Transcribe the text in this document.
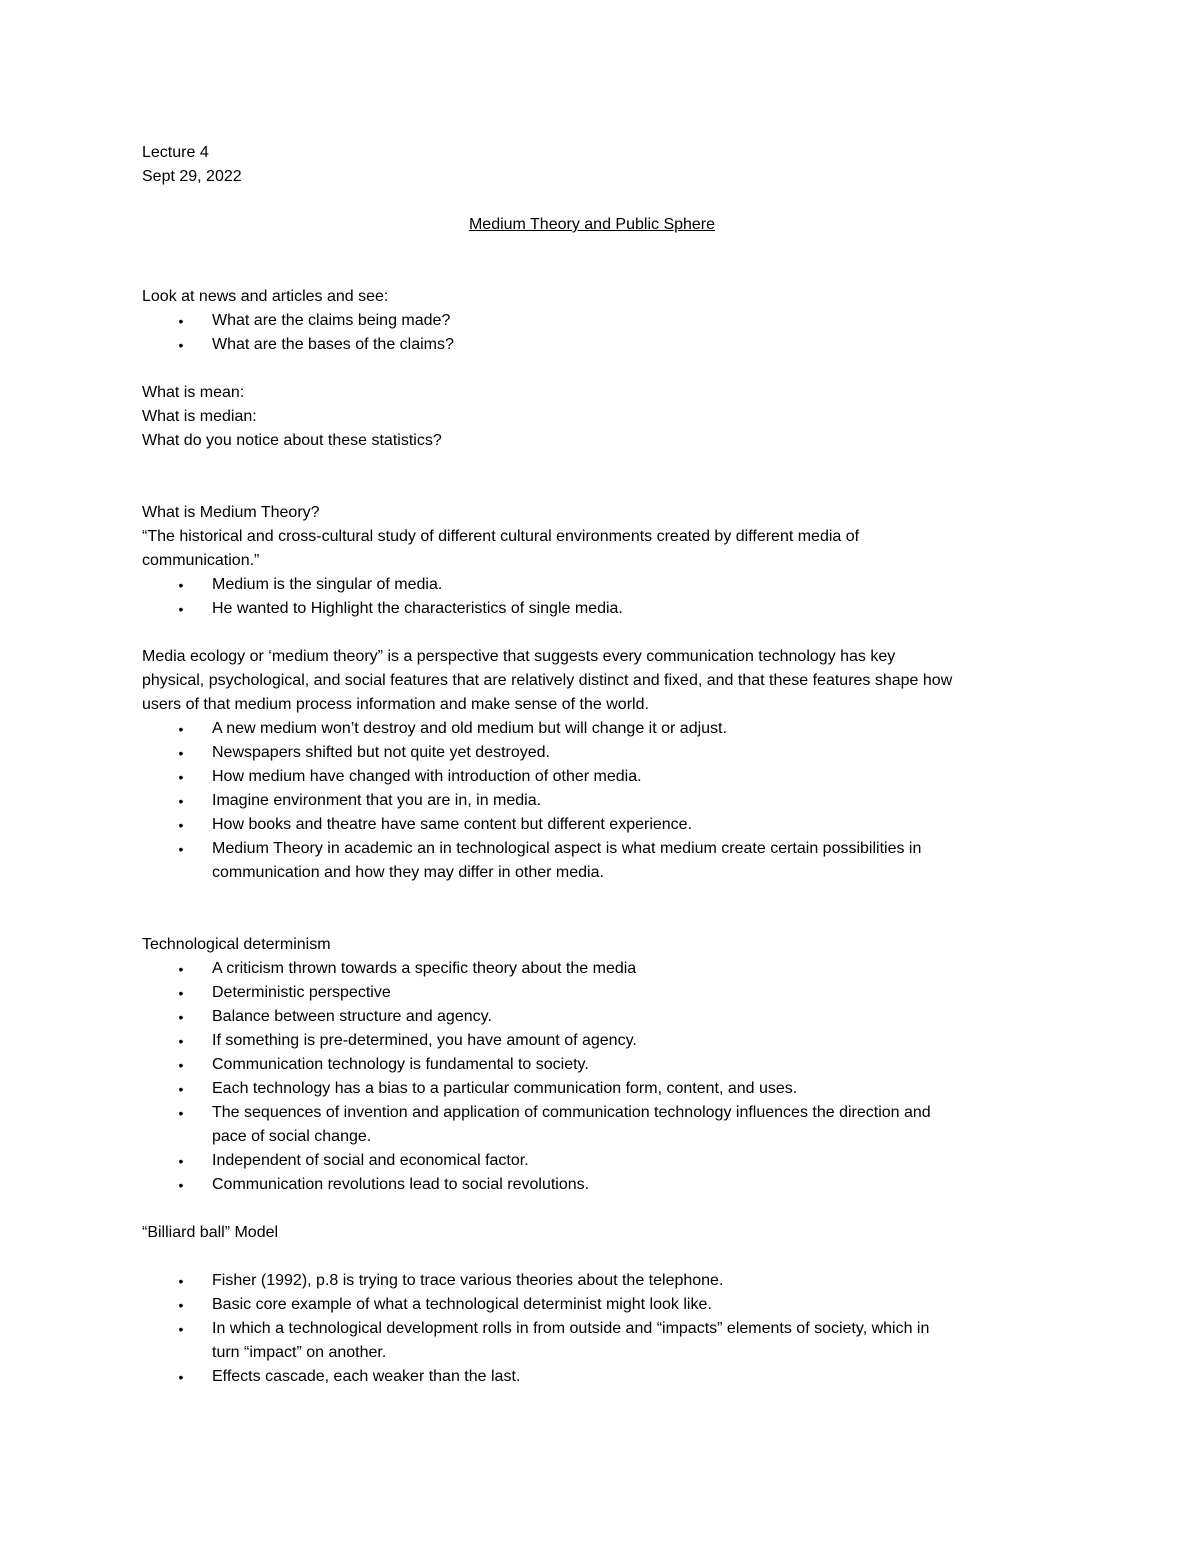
Lecture 4

Sept 29, 2022

Medium Theory and Public Sphere

Look at news and articles and see:

• What are the claims being made?
• What are the bases of the claims?

What is mean:

What is median:

What do you notice about these statistics?

What is Medium Theory?

“The historical and cross-cultural study of different cultural environments created by different media of

communication.”

• Medium is the singular of media.
• He wanted to Highlight the characteristics of single media.

Media ecology or ‘medium theory” is a perspective that suggests every communication technology has key

physical, psychological, and social features that are relatively distinct and fixed, and that these features shape how

users of that medium process information and make sense of the world.

• A new medium won’t destroy and old medium but will change it or adjust.
• Newspapers shifted but not quite yet destroyed.
• How medium have changed with introduction of other media.
• Imagine environment that you are in, in media.
• How books and theatre have same content but different experience.
• Medium Theory in academic an in technological aspect is what medium create certain possibilities in
communication and how they may differ in other media.

Technological determinism

• A criticism thrown towards a specific theory about the media
• Deterministic perspective
• Balance between structure and agency.
• If something is pre-determined, you have amount of agency.
• Communication technology is fundamental to society.
• Each technology has a bias to a particular communication form, content, and uses.
• The sequences of invention and application of communication technology influences the direction and
pace of social change.
• Independent of social and economical factor.
• Communication revolutions lead to social revolutions.

“Billiard ball” Model

• Fisher (1992), p.8 is trying to trace various theories about the telephone.
• Basic core example of what a technological determinist might look like.
• In which a technological development rolls in from outside and “impacts” elements of society, which in
turn “impact” on another.
• Effects cascade, each weaker than the last.
